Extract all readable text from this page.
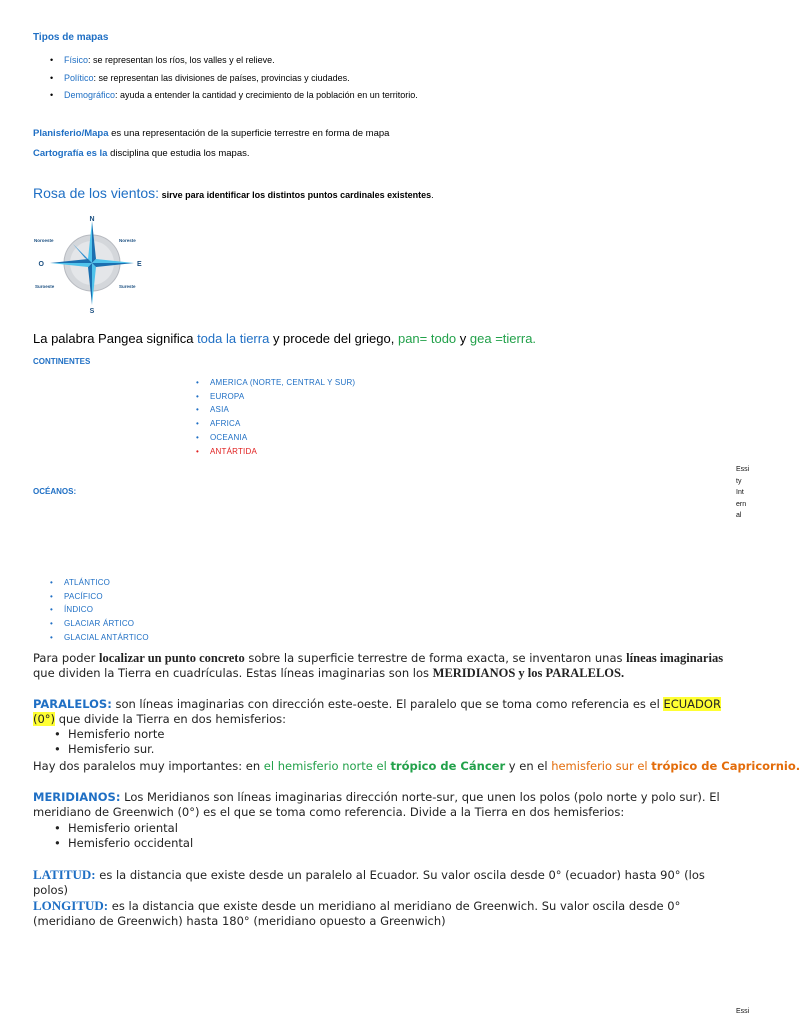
Tipos de mapas
• Físico: se representan los ríos, los valles y el relieve.
• Político: se representan las divisiones de países, provincias y ciudades.
• Demográfico: ayuda a entender la cantidad y crecimiento de la población en un territorio.
Planisferio/Mapa es una representación de la superficie terrestre en forma de mapa
Cartografía es la disciplina que estudia los mapas.
Rosa de los vientos: sirve para identificar los distintos puntos cardinales existentes.
N
S
E
O
Noroeste	Noreste
Suroeste	Sureste
La palabra Pangea significa toda la tierra y procede del griego, pan= todo y gea =tierra.
CONTINENTES
• AMERICA (NORTE, CENTRAL Y SUR)
• EUROPA
• ASIA
• AFRICA
• OCEANIA
• ANTÁRTIDA
Essi
ty
Int
ern
al
OCÉANOS:
• ATLÁNTICO
• PACÍFICO
• ÍNDICO
• GLACIAR ÁRTICO
• GLACIAL ANTÁRTICO
Para poder localizar un punto concreto sobre la superficie terrestre de forma exacta, se inventaron unas líneas imaginarias que dividen la Tierra en cuadrículas. Estas líneas imaginarias son los MERIDIANOS y los PARALELOS.
PARALELOS: son líneas imaginarias con dirección este-oeste. El paralelo que se toma como referencia es el ECUADOR (0°) que divide la Tierra en dos hemisferios:
• Hemisferio norte
• Hemisferio sur.
Hay dos paralelos muy importantes: en el hemisferio norte el trópico de Cáncer y en el hemisferio sur el trópico de Capricornio.
MERIDIANOS: Los Meridianos son líneas imaginarias dirección norte-sur, que unen los polos (polo norte y polo sur). El meridiano de Greenwich (0°) es el que se toma como referencia. Divide a la Tierra en dos hemisferios:
• Hemisferio oriental
• Hemisferio occidental
LATITUD: es la distancia que existe desde un paralelo al Ecuador. Su valor oscila desde 0° (ecuador) hasta 90° (los polos)
LONGITUD: es la distancia que existe desde un meridiano al meridiano de Greenwich. Su valor oscila desde 0° (meridiano de Greenwich) hasta 180° (meridiano opuesto a Greenwich)
Essi
